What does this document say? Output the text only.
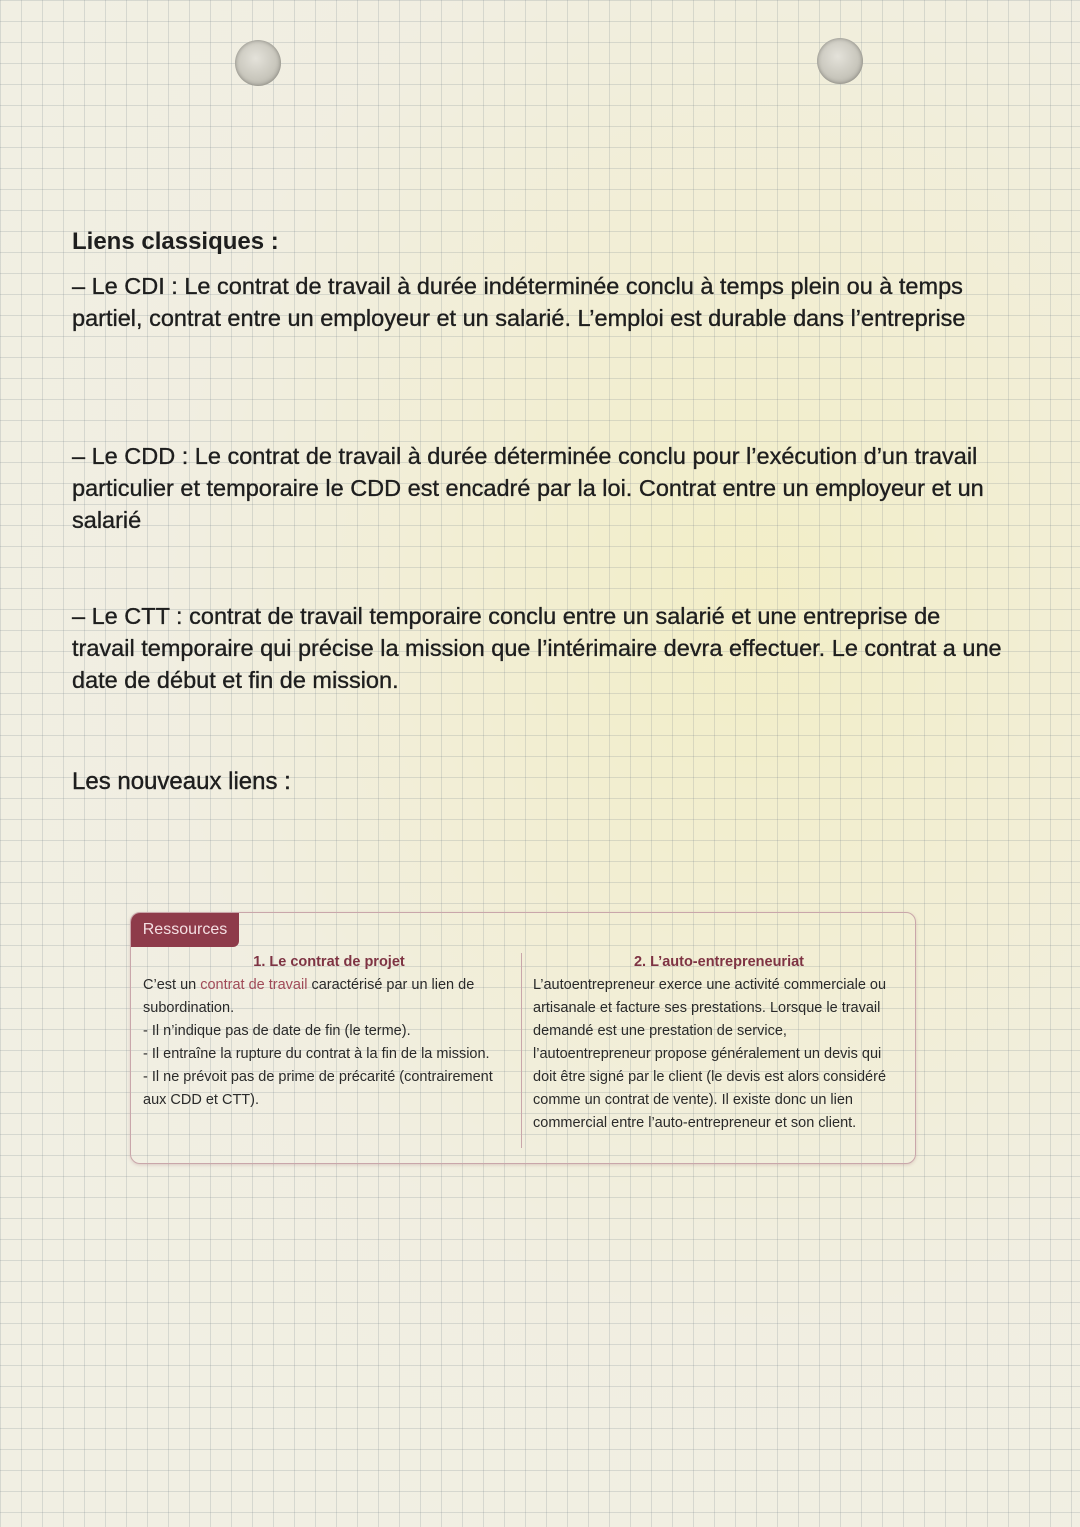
Liens classiques :

– Le CDI : Le contrat de travail à durée indéterminée conclu à temps plein ou à temps partiel, contrat entre un employeur et un salarié. L’emploi est durable dans l’entreprise

– Le CDD : Le contrat de travail à durée déterminée conclu pour l’exécution d’un travail particulier et temporaire le CDD est encadré par la loi. Contrat entre un employeur et un salarié

– Le CTT : contrat de travail temporaire conclu entre un salarié et une entreprise de travail temporaire qui précise la mission que l’intérimaire devra effectuer. Le contrat a une date de début et fin de mission.

Les nouveaux liens :
Ressources

1. Le contrat de projet

C’est un contrat de travail caractérisé par un lien de subordination.

- Il n’indique pas de date de fin (le terme).
- Il entraîne la rupture du contrat à la fin de la mission.
- Il ne prévoit pas de prime de précarité (contrairement aux CDD et CTT).

2. L’auto-entrepreneuriat

L’autoentrepreneur exerce une activité commerciale ou artisanale et facture ses prestations. Lorsque le travail demandé est une prestation de service, l’autoentrepreneur propose généralement un devis qui doit être signé par le client (le devis est alors considéré comme un contrat de vente). Il existe donc un lien commercial entre l’auto-entrepreneur et son client.
